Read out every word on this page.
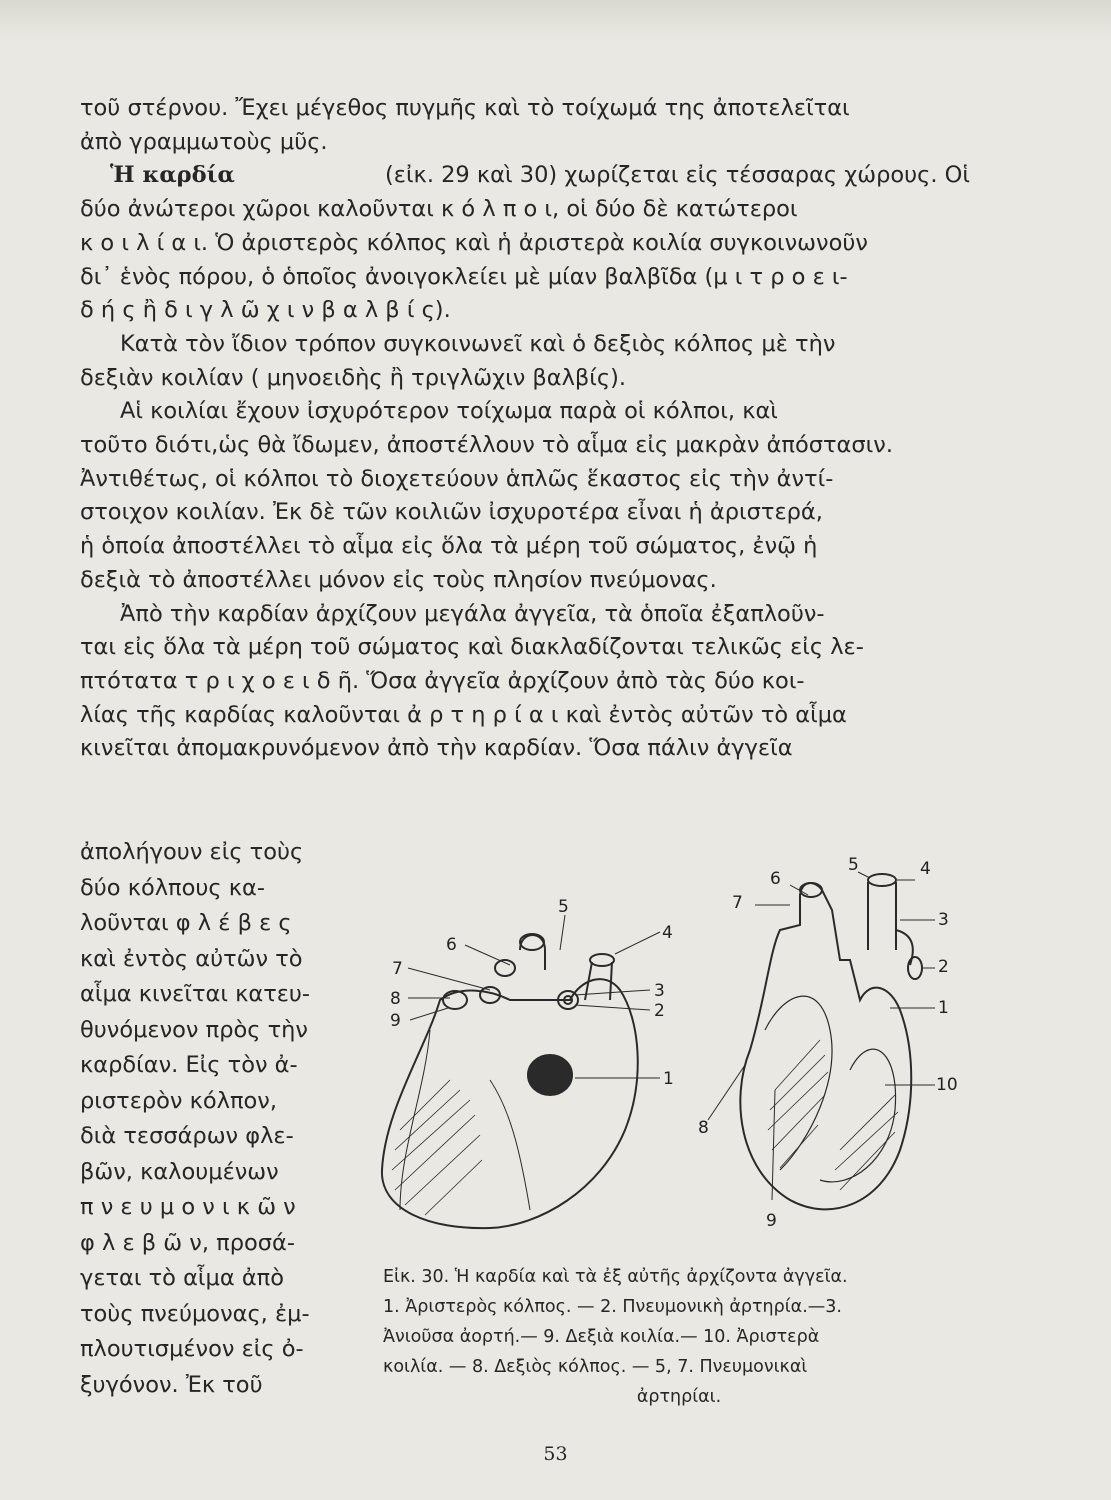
τοῦ στέρνου. Ἔχει μέγεθος πυγμῆς καὶ τὸ τοίχωμά της ἀποτελεῖται
ἀπὸ γραμμωτοὺς μῦς.
Ἡ καρδία	(εἰκ. 29 καὶ 30) χωρίζεται εἰς τέσσαρας χώρους. Οἱ
δύο ἀνώτεροι χῶροι καλοῦνται κ ό λ π ο ι, οἱ δύο δὲ κατώτεροι
κ ο ι λ ί α ι. Ὁ ἀριστερὸς κόλπος καὶ ἡ ἀριστερὰ κοιλία συγκοινωνοῦν
δι᾽ ἑνὸς πόρου, ὁ ὁποῖος ἀνοιγοκλείει μὲ μίαν βαλβῖδα (μ ι τ ρ ο ε ι-
δ ή ς ἢ δ ι γ λ ῶ χ ι ν β α λ β ί ς).
Κατὰ τὸν ἴδιον τρόπον συγκοινωνεῖ καὶ ὁ δεξιὸς κόλπος μὲ τὴν
δεξιὰν κοιλίαν ( μηνοειδὴς ἢ τριγλῶχιν βαλβίς).
Αἱ κοιλίαι ἔχουν ἰσχυρότερον τοίχωμα παρὰ οἱ κόλποι, καὶ
τοῦτο διότι,ὡς θὰ ἴδωμεν, ἀποστέλλουν τὸ αἷμα εἰς μακρὰν ἀπόστασιν.
Ἀντιθέτως, οἱ κόλποι τὸ διοχετεύουν ἁπλῶς ἕκαστος εἰς τὴν ἀντί-
στοιχον κοιλίαν. Ἐκ δὲ τῶν κοιλιῶν ἰσχυροτέρα εἶναι ἡ ἀριστερά,
ἡ ὁποία ἀποστέλλει τὸ αἷμα εἰς ὅλα τὰ μέρη τοῦ σώματος, ἐνῷ ἡ
δεξιὰ τὸ ἀποστέλλει μόνον εἰς τοὺς πλησίον πνεύμονας.
Ἀπὸ τὴν καρδίαν ἀρχίζουν μεγάλα ἀγγεῖα, τὰ ὁποῖα ἐξαπλοῦν-
ται εἰς ὅλα τὰ μέρη τοῦ σώματος καὶ διακλαδίζονται τελικῶς εἰς λε-
πτότατα τ ρ ι χ ο ε ι δ ῆ. Ὅσα ἀγγεῖα ἀρχίζουν ἀπὸ τὰς δύο κοι-
λίας τῆς καρδίας καλοῦνται ἀ ρ τ η ρ ί α ι καὶ ἐντὸς αὐτῶν τὸ αἷμα
κινεῖται ἀπομακρυνόμενον ἀπὸ τὴν καρδίαν. Ὅσα πάλιν ἀγγεῖα
ἀπολήγουν εἰς τοὺς
δύο κόλπους κα-
λοῦνται φ λ έ β ε ς
καὶ ἐντὸς αὐτῶν τὸ
αἷμα κινεῖται κατευ-
θυνόμενον πρὸς τὴν
καρδίαν. Εἰς τὸν ἀ-
ριστερὸν κόλπον,
διὰ τεσσάρων φλε-
βῶν, καλουμένων
π ν ε υ μ ο ν ι κ ῶ ν
φ λ ε β ῶ ν, προσά-
γεται τὸ αἷμα ἀπὸ
τοὺς πνεύμονας, ἐμ-
πλουτισμένον εἰς ὀ-
ξυγόνον. Ἐκ τοῦ
5
4
6
7
3
8
2
9
1
6
5	4
7
3
2
1
10
8
9
Εἰκ. 30. Ἡ καρδία καὶ τὰ ἐξ αὐτῆς ἀρχίζοντα ἀγγεῖα.
1. Ἀριστερὸς κόλπος. — 2. Πνευμονικὴ ἀρτηρία.—3.
Ἀνιοῦσα ἀορτή.— 9. Δεξιὰ κοιλία.— 10. Ἀριστερὰ
κοιλία. — 8. Δεξιὸς κόλπος. — 5, 7. Πνευμονικαὶ
ἀρτηρίαι.
53
